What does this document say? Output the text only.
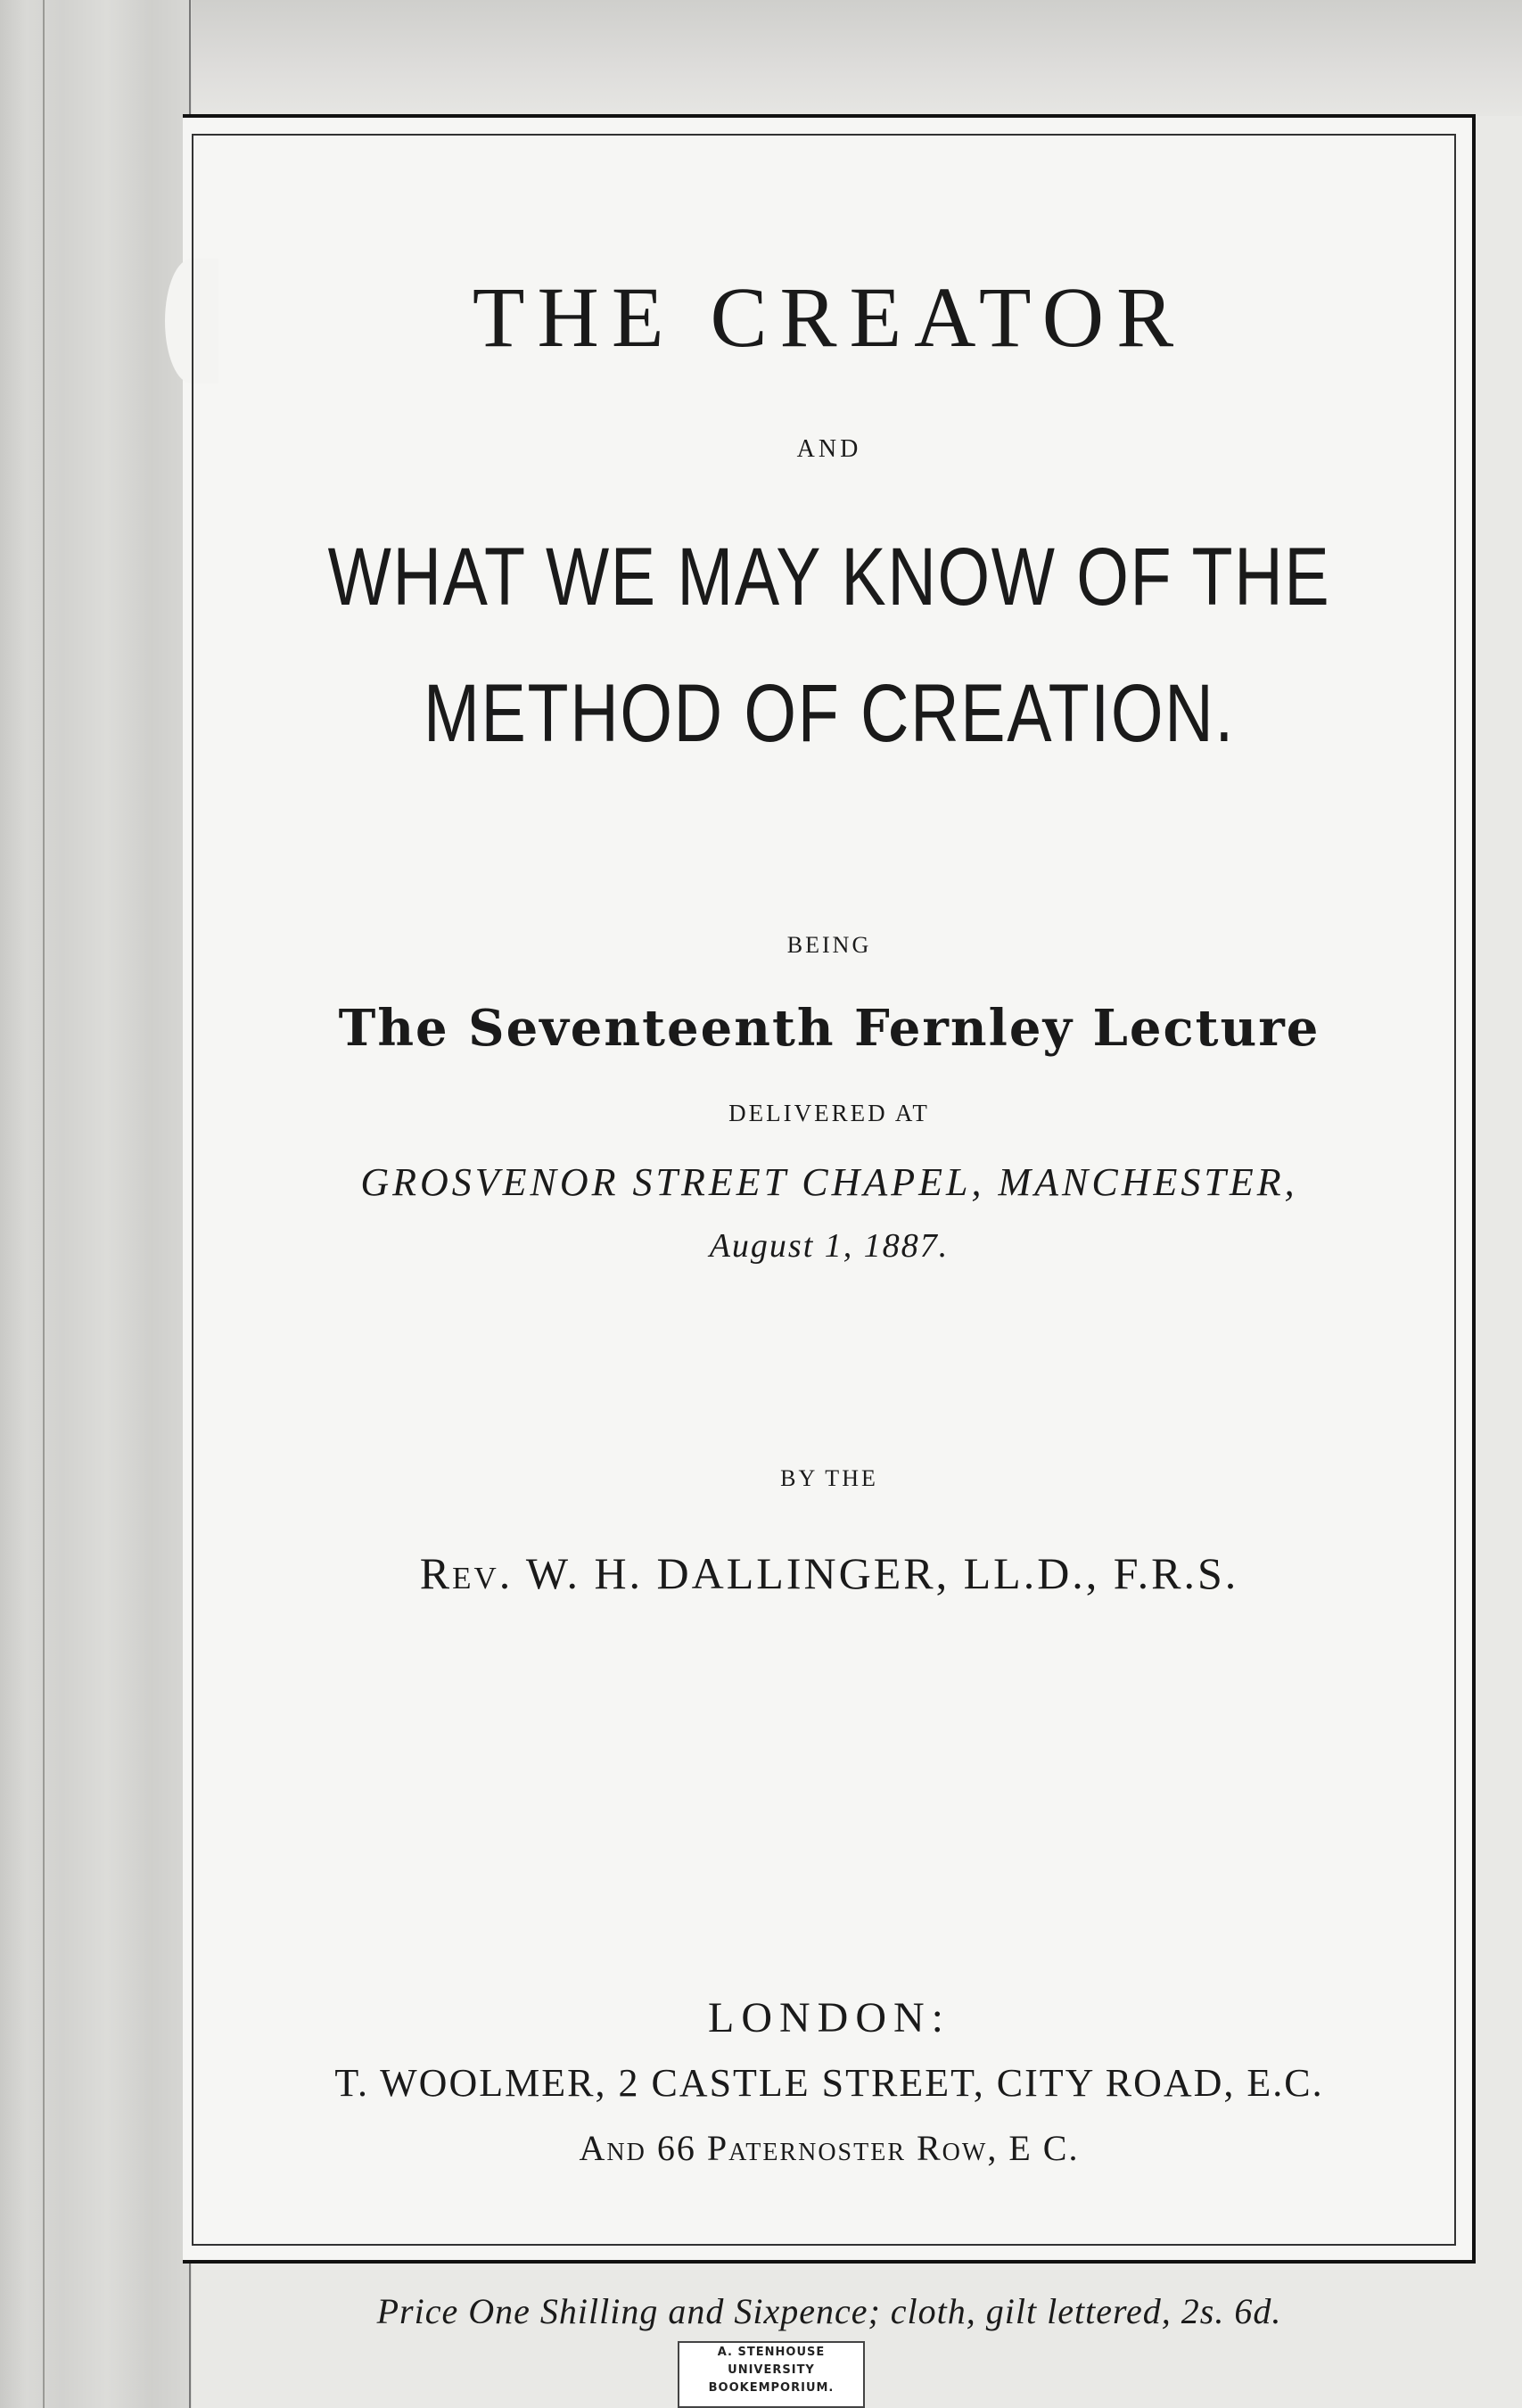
THE CREATOR
AND
WHAT WE MAY KNOW OF THE
METHOD OF CREATION.
BEING
The Seventeenth Fernley Lecture
DELIVERED AT
GROSVENOR STREET CHAPEL, MANCHESTER,
August 1, 1887.
BY THE
Rev. W. H. DALLINGER, LL.D., F.R.S.
LONDON:
T. WOOLMER, 2 CASTLE STREET, CITY ROAD, E.C.
And 66 Paternoster Row, E C.
Price One Shilling and Sixpence; cloth, gilt lettered, 2s. 6d.
A. STENHOUSE
UNIVERSITY
BOOKEMPORIUM.
